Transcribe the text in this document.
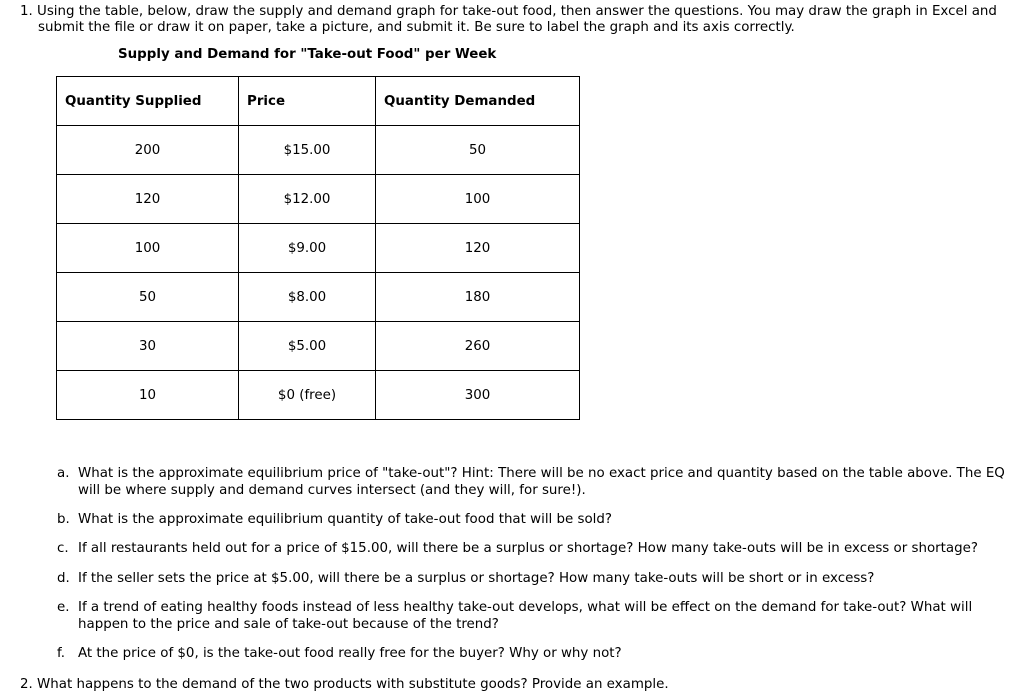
1. Using the table, below, draw the supply and demand graph for take-out food, then answer the questions. You may draw the graph in Excel and
submit the file or draw it on paper, take a picture, and submit it. Be sure to label the graph and its axis correctly.
Supply and Demand for "Take-out Food" per Week
Quantity Supplied	Price	Quantity Demanded
200	$15.00	50
120	$12.00	100
100	$9.00	120
50	$8.00	180
30	$5.00	260
10	$0 (free)	300
a. What is the approximate equilibrium price of "take-out"? Hint: There will be no exact price and quantity based on the table above. The EQ
will be where supply and demand curves intersect (and they will, for sure!).
b. What is the approximate equilibrium quantity of take-out food that will be sold?
c. If all restaurants held out for a price of $15.00, will there be a surplus or shortage? How many take-outs will be in excess or shortage?
d. If the seller sets the price at $5.00, will there be a surplus or shortage? How many take-outs will be short or in excess?
e. If a trend of eating healthy foods instead of less healthy take-out develops, what will be effect on the demand for take-out? What will
happen to the price and sale of take-out because of the trend?
f. At the price of $0, is the take-out food really free for the buyer? Why or why not?
2. What happens to the demand of the two products with substitute goods? Provide an example.
